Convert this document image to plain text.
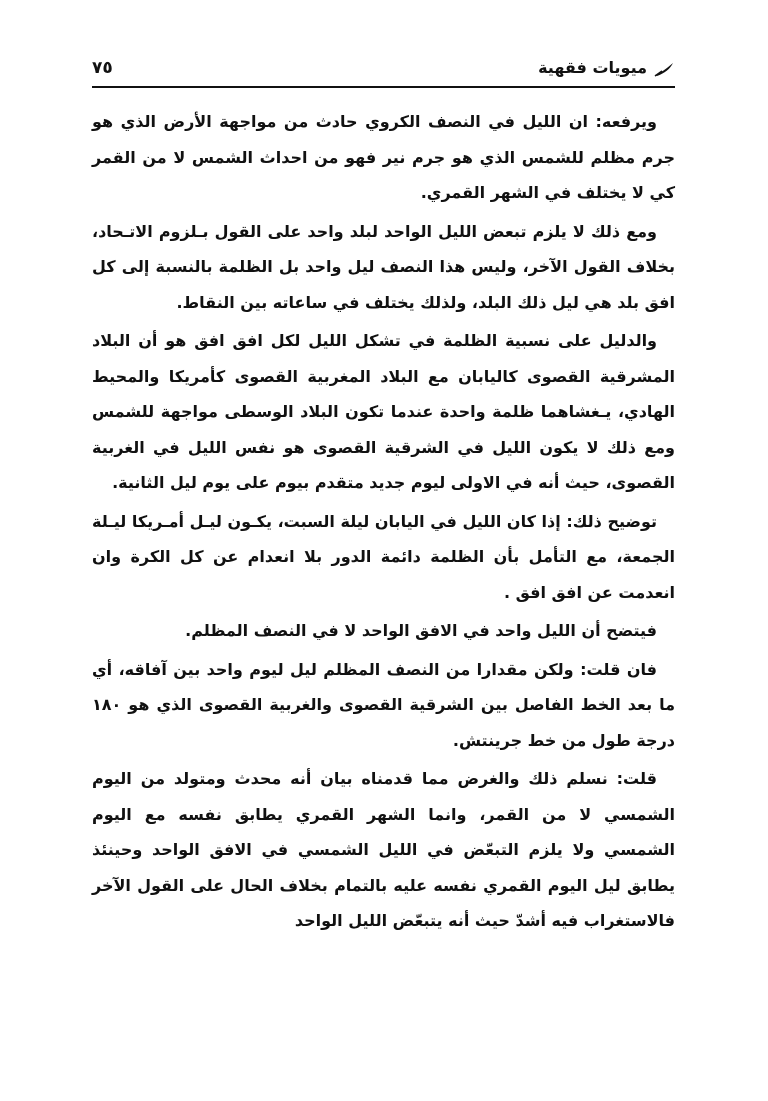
ميويات فقهية
٧٥

ويرفعه: ان الليل في النصف الكروي حادث من مواجهة الأرض الذي هو جرم مظلم للشمس الذي هو جرم نير فهو من احداث الشمس لا من القمر كي لا يختلف في الشهر القمري.

ومع ذلك لا يلزم تبعض الليل الواحد لبلد واحد على القول بـلزوم الاتـحاد، بخلاف القول الآخر، وليس هذا النصف ليل واحد بل الظلمة بالنسبة إلى كل افق بلد هي ليل ذلك البلد، ولذلك يختلف في ساعاته بين النقاط.

والدليل على نسبية الظلمة في تشكل الليل لكل افق افق هو أن البلاد المشرقية القصوى كاليابان مع البلاد المغربية القصوى كأمريكا والمحيط الهادي، يـغشاهما ظلمة واحدة عندما تكون البلاد الوسطى مواجهة للشمس ومع ذلك لا يكون الليل في الشرقية القصوى هو نفس الليل في الغربية القصوى، حيث أنه في الاولى ليوم جديد متقدم بيوم على يوم ليل الثانية.

توضيح ذلك: إذا كان الليل في اليابان ليلة السبت، يكـون ليـل أمـريكا ليـلة الجمعة، مع التأمل بأن الظلمة دائمة الدور بلا انعدام عن كل الكرة وان انعدمت عن افق افق .

فيتضح أن الليل واحد في الافق الواحد لا في النصف المظلم.

فان قلت: ولكن مقدارا من النصف المظلم ليل ليوم واحد بين آفاقه، أي ما بعد الخط الفاصل بين الشرقية القصوى والغربية القصوى الذي هو ١٨٠ درجة طول من خط جرينتش.

قلت: نسلم ذلك والغرض مما قدمناه بيان أنه محدث ومتولد من اليوم الشمسي لا من القمر، وانما الشهر القمري يطابق نفسه مع اليوم الشمسي ولا يلزم التبعّض في الليل الشمسي في الافق الواحد وحينئذ يطابق ليل اليوم القمري نفسه عليه بالتمام بخلاف الحال على القول الآخر فالاستغراب فيه أشدّ حيث أنه يتبعّض الليل الواحد
